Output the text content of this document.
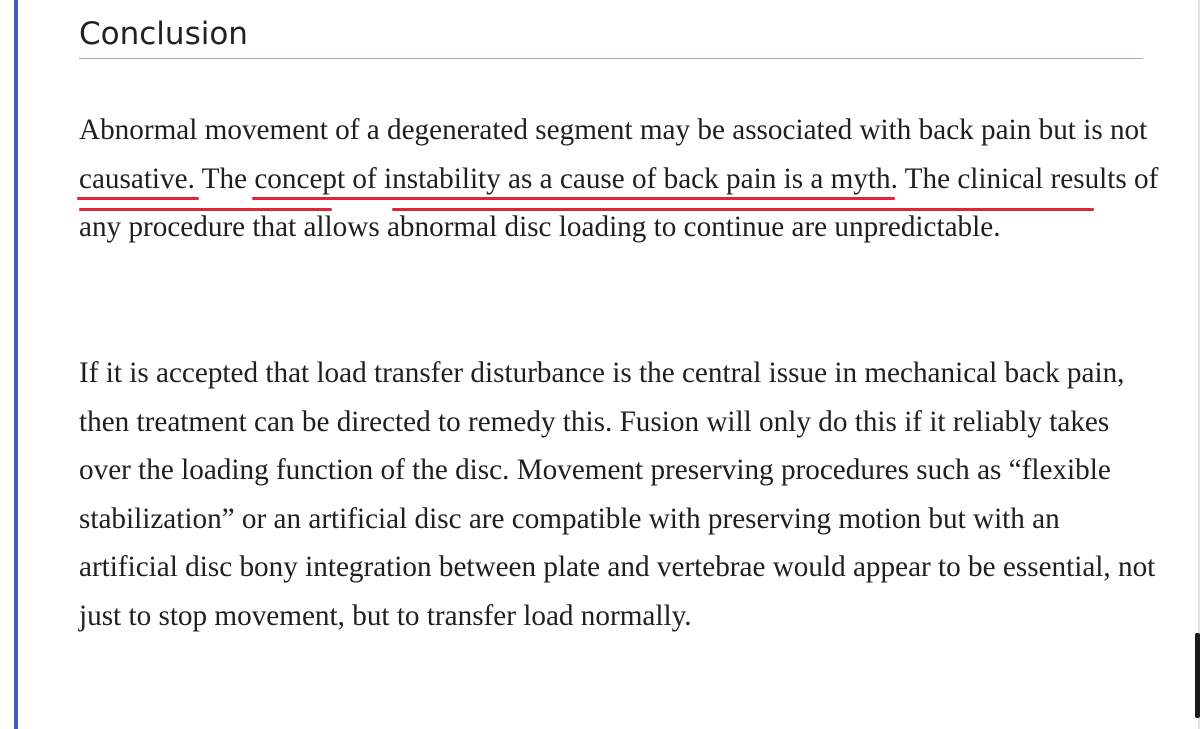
Conclusion

Abnormal movement of a degenerated segment may be associated with back pain but is not causative. The concept of instability as a cause of back pain is a myth. The clinical results of any procedure that allows abnormal disc loading to continue are unpredictable.

If it is accepted that load transfer disturbance is the central issue in mechanical back pain, then treatment can be directed to remedy this. Fusion will only do this if it reliably takes over the loading function of the disc. Movement preserving procedures such as “flexible stabilization” or an artificial disc are compatible with preserving motion but with an artificial disc bony integration between plate and vertebrae would appear to be essential, not just to stop movement, but to transfer load normally.
